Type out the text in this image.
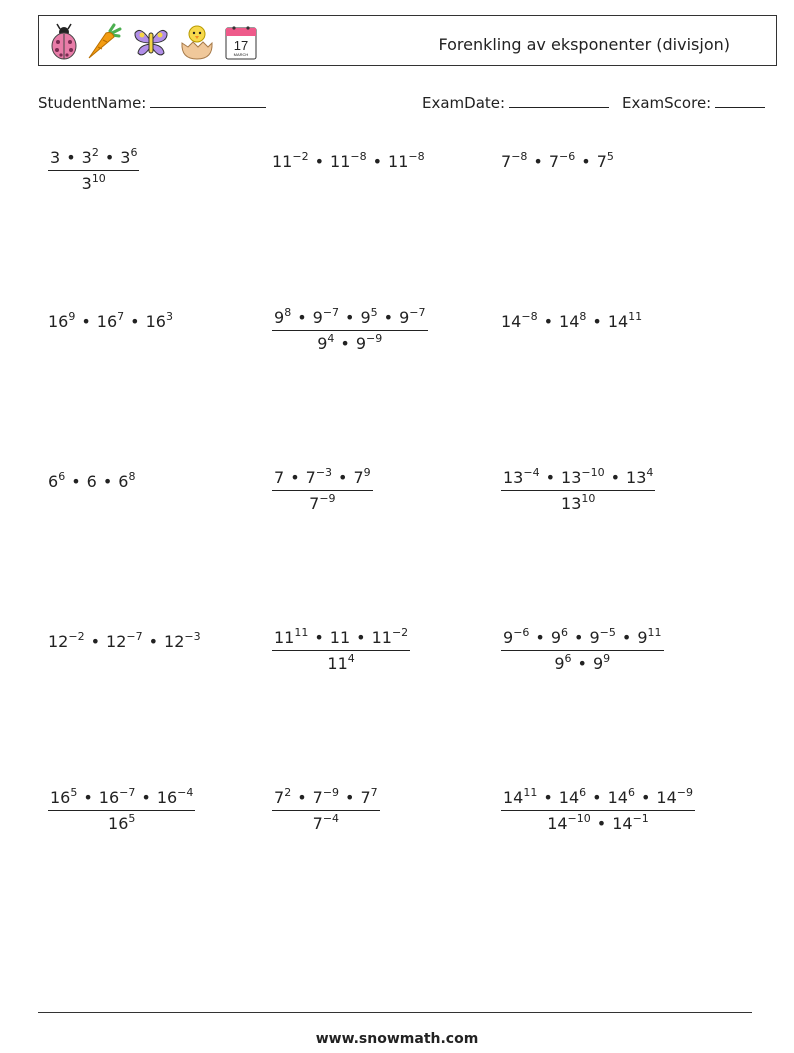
17
MARCH
Forenkling av eksponenter (divisjon)
StudentName:	ExamDate:	ExamScore:
$\frac{3 • 3^2 • 3^6}{3^{10}}$	$11^{-2}$ • $11^{-8}$ • $11^{-8}$	$7^{-8}$ • $7^{-6}$ • $7^5$
$16^9$ • $16^7$ • $16^3$	$\frac{9^8 • 9^{-7} • 9^5 • 9^{-7}}{9^4 • 9^{-9}}$	$14^{-8}$ • $14^8$ • $14^{11}$
$6^6$ • 6 • $6^8$	$\frac{7 • 7^{-3} • 7^9}{7^{-9}}$	$\frac{13^{-4} • 13^{-10} • 13^4}{13^{10}}$
$12^{-2}$ • $12^{-7}$ • $12^{-3}$	$\frac{11^{11} • 11 • 11^{-2}}{11^4}$	$\frac{9^{-6} • 9^6 • 9^{-5} • 9^{11}}{9^6 • 9^9}$
$\frac{16^5 • 16^{-7} • 16^{-4}}{16^5}$	$\frac{7^2 • 7^{-9} • 7^7}{7^{-4}}$	$\frac{14^{11} • 14^6 • 14^6 • 14^{-9}}{14^{-10} • 14^{-1}}$
www.snowmath.com
